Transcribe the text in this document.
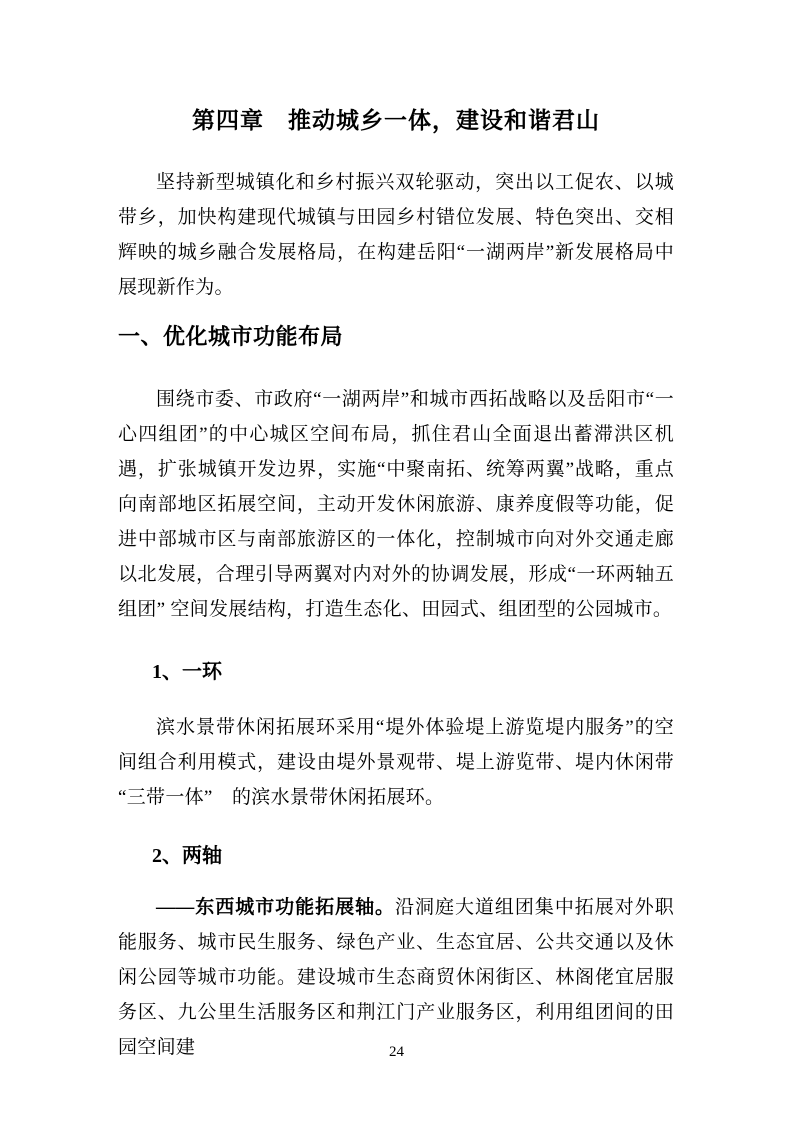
第四章　推动城乡一体，建设和谐君山

坚持新型城镇化和乡村振兴双轮驱动，突出以工促农、以城带乡，加快构建现代城镇与田园乡村错位发展、特色突出、交相辉映的城乡融合发展格局，在构建岳阳“一湖两岸”新发展格局中展现新作为。

一、优化城市功能布局

围绕市委、市政府“一湖两岸”和城市西拓战略以及岳阳市“一心四组团”的中心城区空间布局，抓住君山全面退出蓄滞洪区机遇，扩张城镇开发边界，实施“中聚南拓、统筹两翼”战略，重点向南部地区拓展空间，主动开发休闲旅游、康养度假等功能，促进中部城市区与南部旅游区的一体化，控制城市向对外交通走廊以北发展，合理引导两翼对内对外的协调发展，形成“一环两轴五组团” 空间发展结构，打造生态化、田园式、组团型的公园城市。

1、一环

滨水景带休闲拓展环采用“堤外体验堤上游览堤内服务”的空间组合利用模式，建设由堤外景观带、堤上游览带、堤内休闲带“三带一体”　的滨水景带休闲拓展环。

2、两轴

——东西城市功能拓展轴。沿洞庭大道组团集中拓展对外职能服务、城市民生服务、绿色产业、生态宜居、公共交通以及休闲公园等城市功能。建设城市生态商贸休闲街区、林阁佬宜居服务区、九公里生活服务区和荆江门产业服务区，利用组团间的田园空间建	24
